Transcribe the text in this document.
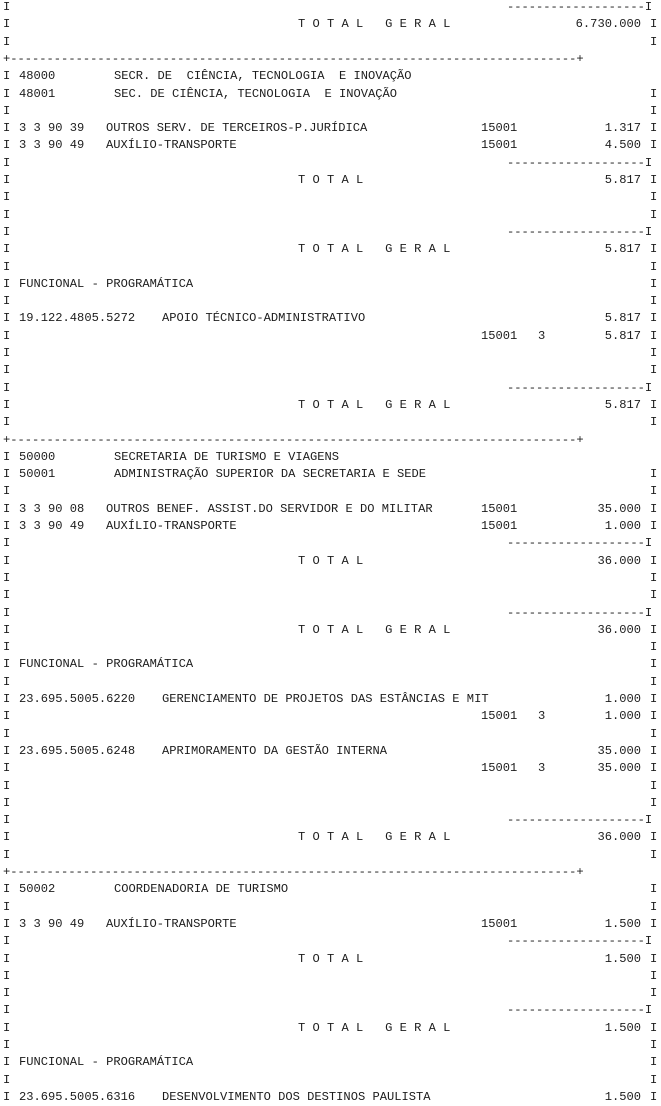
I	-------------------I
I	I
T O T A L   G E R A L	6.730.000
I	I
+------------------------------------------------------------------------------+
I 48000	SECR. DE  CIÊNCIA, TECNOLOGIA  E INOVAÇÃO
I	I
48001	SEC. DE CIÊNCIA, TECNOLOGIA  E INOVAÇÃO
I	I
I	I
3 3 90 39 OUTROS SERV. DE TERCEIROS-P.JURÍDICA	15001	1.317
I	I
3 3 90 49 AUXÍLIO-TRANSPORTE	15001	4.500
I	-------------------I
I	I
T O T A L	5.817
I	I
I	I
I	-------------------I
I	I
T O T A L   G E R A L	5.817
I	I
I	I
FUNCIONAL - PROGRAMÁTICA
I	I
I	I
19.122.4805.5272 APOIO TÉCNICO-ADMINISTRATIVO	5.817
I	I
15001 3	5.817
I	I
I	I
I	-------------------I
I	I
T O T A L   G E R A L	5.817
I	I
+------------------------------------------------------------------------------+
I 50000	SECRETARIA DE TURISMO E VIAGENS
I	I
50001	ADMINISTRAÇÃO SUPERIOR DA SECRETARIA E SEDE
I	I
I	I
3 3 90 08 OUTROS BENEF. ASSIST.DO SERVIDOR E DO MILITAR	15001	35.000
I	I
3 3 90 49 AUXÍLIO-TRANSPORTE	15001	1.000
I	-------------------I
I	I
T O T A L	36.000
I	I
I	I
I	-------------------I
I	I
T O T A L   G E R A L	36.000
I	I
I	I
FUNCIONAL - PROGRAMÁTICA
I	I
I	I
23.695.5005.6220 GERENCIAMENTO DE PROJETOS DAS ESTÂNCIAS E MIT	1.000
I	I
15001 3	1.000
I	I
I	I
23.695.5005.6248 APRIMORAMENTO DA GESTÃO INTERNA	35.000
I	I
15001 3	35.000
I	I
I	I
I	-------------------I
I	I
T O T A L   G E R A L	36.000
I	I
+------------------------------------------------------------------------------+
I	I
50002	COORDENADORIA DE TURISMO
I	I
I	I
3 3 90 49 AUXÍLIO-TRANSPORTE	15001	1.500
I	-------------------I
I	I
T O T A L	1.500
I	I
I	I
I	-------------------I
I	I
T O T A L   G E R A L	1.500
I	I
I	I
FUNCIONAL - PROGRAMÁTICA
I	I
I	I
23.695.5005.6316 DESENVOLVIMENTO DOS DESTINOS PAULISTA	1.500
